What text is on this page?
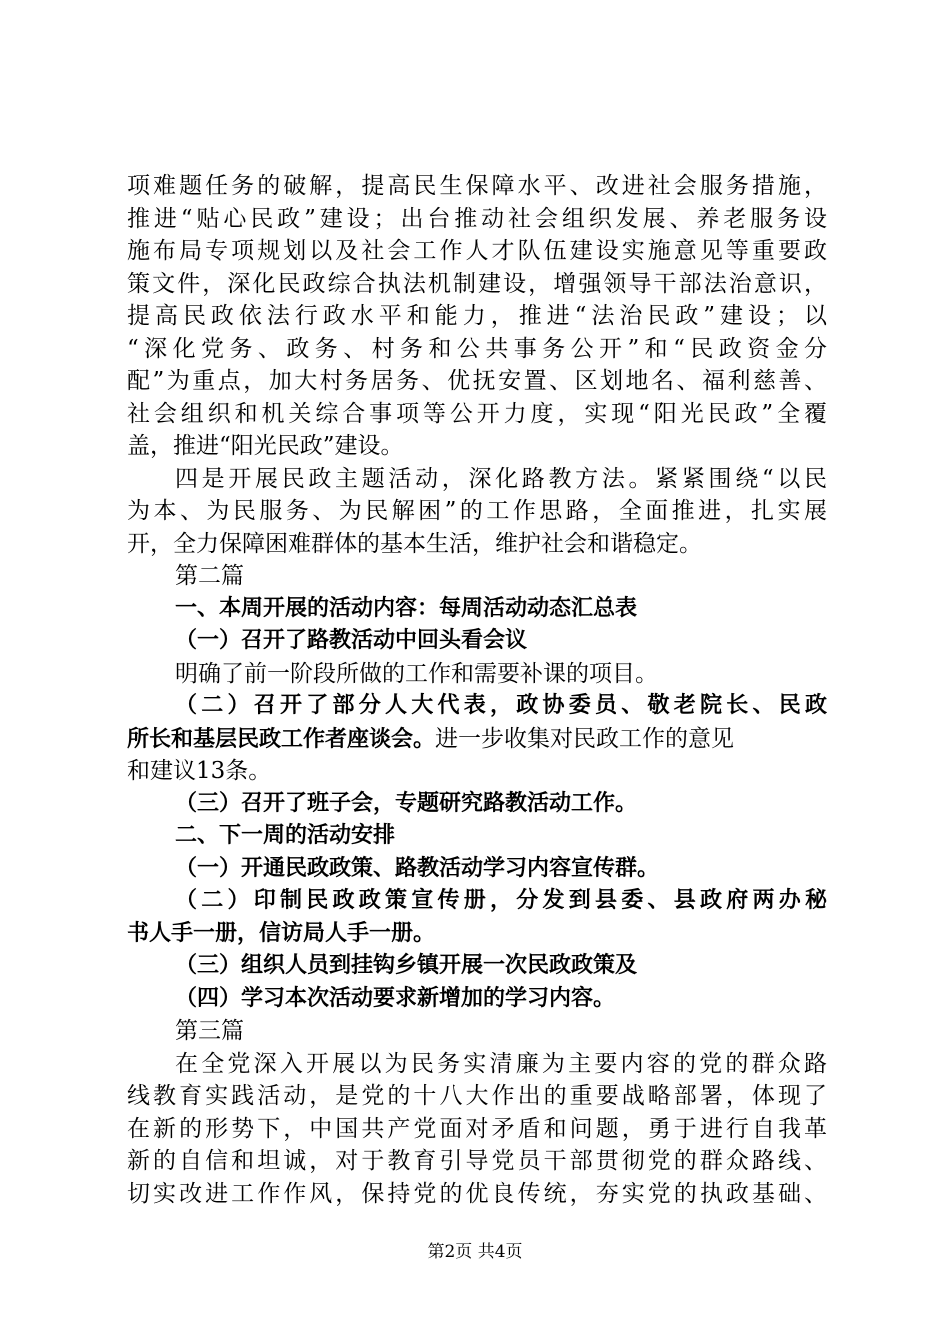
项难题任务的破解，提高民生保障水平、改进社会服务措施，
推进“贴心民政”建设；出台推动社会组织发展、养老服务设
施布局专项规划以及社会工作人才队伍建设实施意见等重要政
策文件，深化民政综合执法机制建设，增强领导干部法治意识，
提高民政依法行政水平和能力，推进“法治民政”建设；以
“深化党务、政务、村务和公共事务公开”和“民政资金分
配”为重点，加大村务居务、优抚安置、区划地名、福利慈善、
社会组织和机关综合事项等公开力度，实现“阳光民政”全覆
盖，推进“阳光民政”建设。
四是开展民政主题活动，深化路教方法。紧紧围绕“以民
为本、为民服务、为民解困”的工作思路，全面推进，扎实展
开，全力保障困难群体的基本生活，维护社会和谐稳定。
第二篇
一、本周开展的活动内容：每周活动动态汇总表
（一）召开了路教活动中回头看会议
明确了前一阶段所做的工作和需要补课的项目。
（二）召开了部分人大代表，政协委员、敬老院长、民政
所长和基层民政工作者座谈会。进一步收集对民政工作的意见
和建议13条。
（三）召开了班子会，专题研究路教活动工作。
二、下一周的活动安排
（一）开通民政政策、路教活动学习内容宣传群。
（二）印制民政政策宣传册，分发到县委、县政府两办秘
书人手一册，信访局人手一册。
（三）组织人员到挂钩乡镇开展一次民政政策及
（四）学习本次活动要求新增加的学习内容。
第三篇
在全党深入开展以为民务实清廉为主要内容的党的群众路
线教育实践活动，是党的十八大作出的重要战略部署，体现了
在新的形势下，中国共产党面对矛盾和问题，勇于进行自我革
新的自信和坦诚，对于教育引导党员干部贯彻党的群众路线、
切实改进工作作风，保持党的优良传统，夯实党的执政基础、
第2页 共4页
